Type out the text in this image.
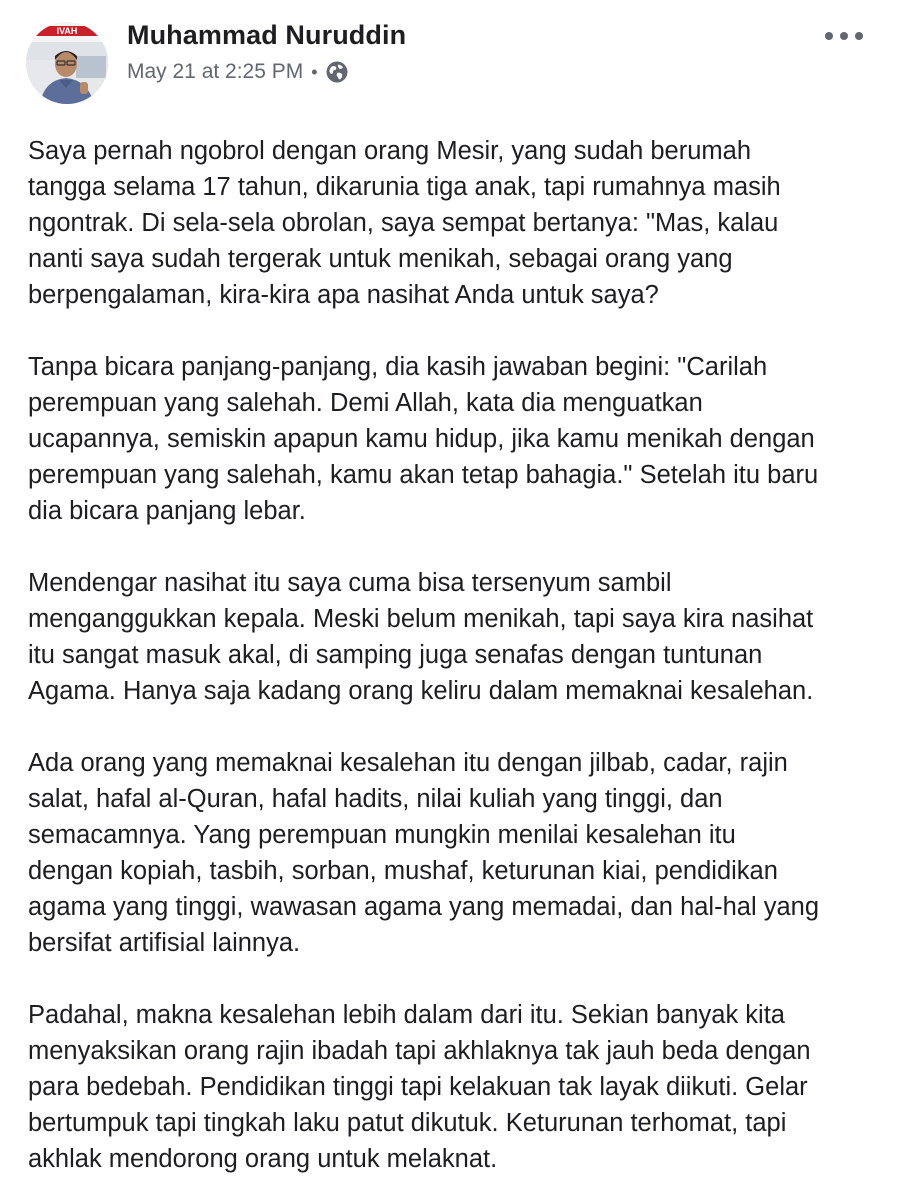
IVAH Muhammad Nuruddin
May 21 at 2:25 PM •

Saya pernah ngobrol dengan orang Mesir, yang sudah berumah
tangga selama 17 tahun, dikarunia tiga anak, tapi rumahnya masih
ngontrak. Di sela-sela obrolan, saya sempat bertanya: "Mas, kalau
nanti saya sudah tergerak untuk menikah, sebagai orang yang
berpengalaman, kira-kira apa nasihat Anda untuk saya?

Tanpa bicara panjang-panjang, dia kasih jawaban begini: "Carilah
perempuan yang salehah. Demi Allah, kata dia menguatkan
ucapannya, semiskin apapun kamu hidup, jika kamu menikah dengan
perempuan yang salehah, kamu akan tetap bahagia." Setelah itu baru
dia bicara panjang lebar.

Mendengar nasihat itu saya cuma bisa tersenyum sambil
menganggukkan kepala. Meski belum menikah, tapi saya kira nasihat
itu sangat masuk akal, di samping juga senafas dengan tuntunan
Agama. Hanya saja kadang orang keliru dalam memaknai kesalehan.

Ada orang yang memaknai kesalehan itu dengan jilbab, cadar, rajin
salat, hafal al-Quran, hafal hadits, nilai kuliah yang tinggi, dan
semacamnya. Yang perempuan mungkin menilai kesalehan itu
dengan kopiah, tasbih, sorban, mushaf, keturunan kiai, pendidikan
agama yang tinggi, wawasan agama yang memadai, dan hal-hal yang
bersifat artifisial lainnya.

Padahal, makna kesalehan lebih dalam dari itu. Sekian banyak kita
menyaksikan orang rajin ibadah tapi akhlaknya tak jauh beda dengan
para bedebah. Pendidikan tinggi tapi kelakuan tak layak diikuti. Gelar
bertumpuk tapi tingkah laku patut dikutuk. Keturunan terhomat, tapi
akhlak mendorong orang untuk melaknat.
